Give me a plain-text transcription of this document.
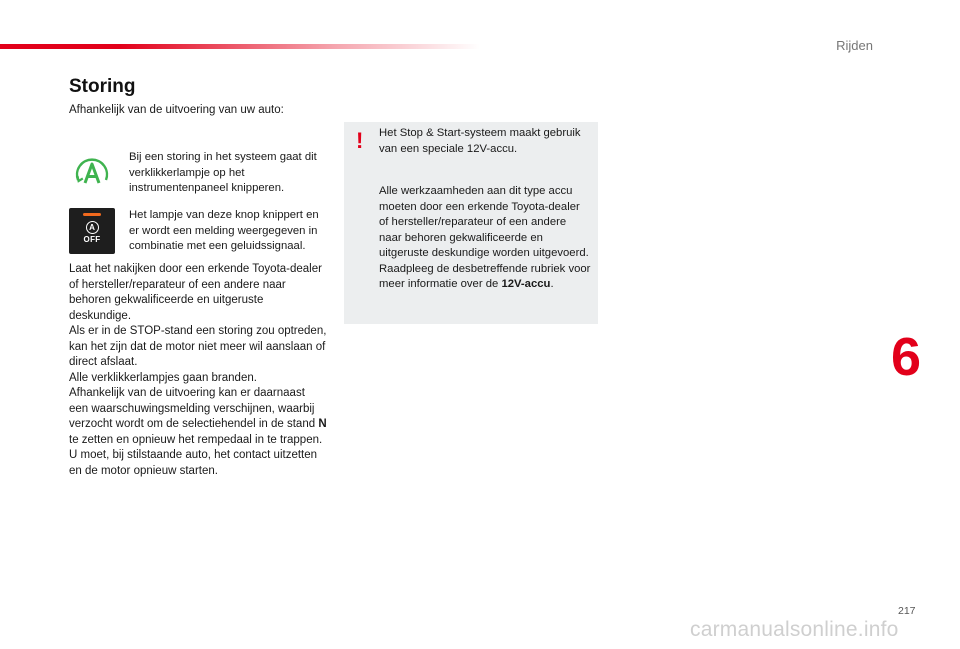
Rijden
Storing
Afhankelijk van de uitvoering van uw auto:
Bij een storing in het systeem gaat dit verklikkerlampje op het instrumentenpaneel knipperen.
A
OFF
Het lampje van deze knop knippert en er wordt een melding weergegeven in combinatie met een geluidssignaal.
Laat het nakijken door een erkende Toyota-dealer of hersteller/reparateur of een andere naar behoren gekwalificeerde en uitgeruste deskundige.
Als er in de STOP-stand een storing zou optreden, kan het zijn dat de motor niet meer wil aanslaan of direct afslaat.
Alle verklikkerlampjes gaan branden.
Afhankelijk van de uitvoering kan er daarnaast een waarschuwingsmelding verschijnen, waarbij verzocht wordt om de selectiehendel in de stand N te zetten en opnieuw het rempedaal in te trappen.
U moet, bij stilstaande auto, het contact uitzetten en de motor opnieuw starten.
! Het Stop & Start-systeem maakt gebruik van een speciale 12V-accu.
Alle werkzaamheden aan dit type accu moeten door een erkende Toyota-dealer of hersteller/reparateur of een andere naar behoren gekwalificeerde en uitgeruste deskundige worden uitgevoerd.
Raadpleeg de desbetreffende rubriek voor meer informatie over de 12V-accu.
6
217
carmanualsonline.info
